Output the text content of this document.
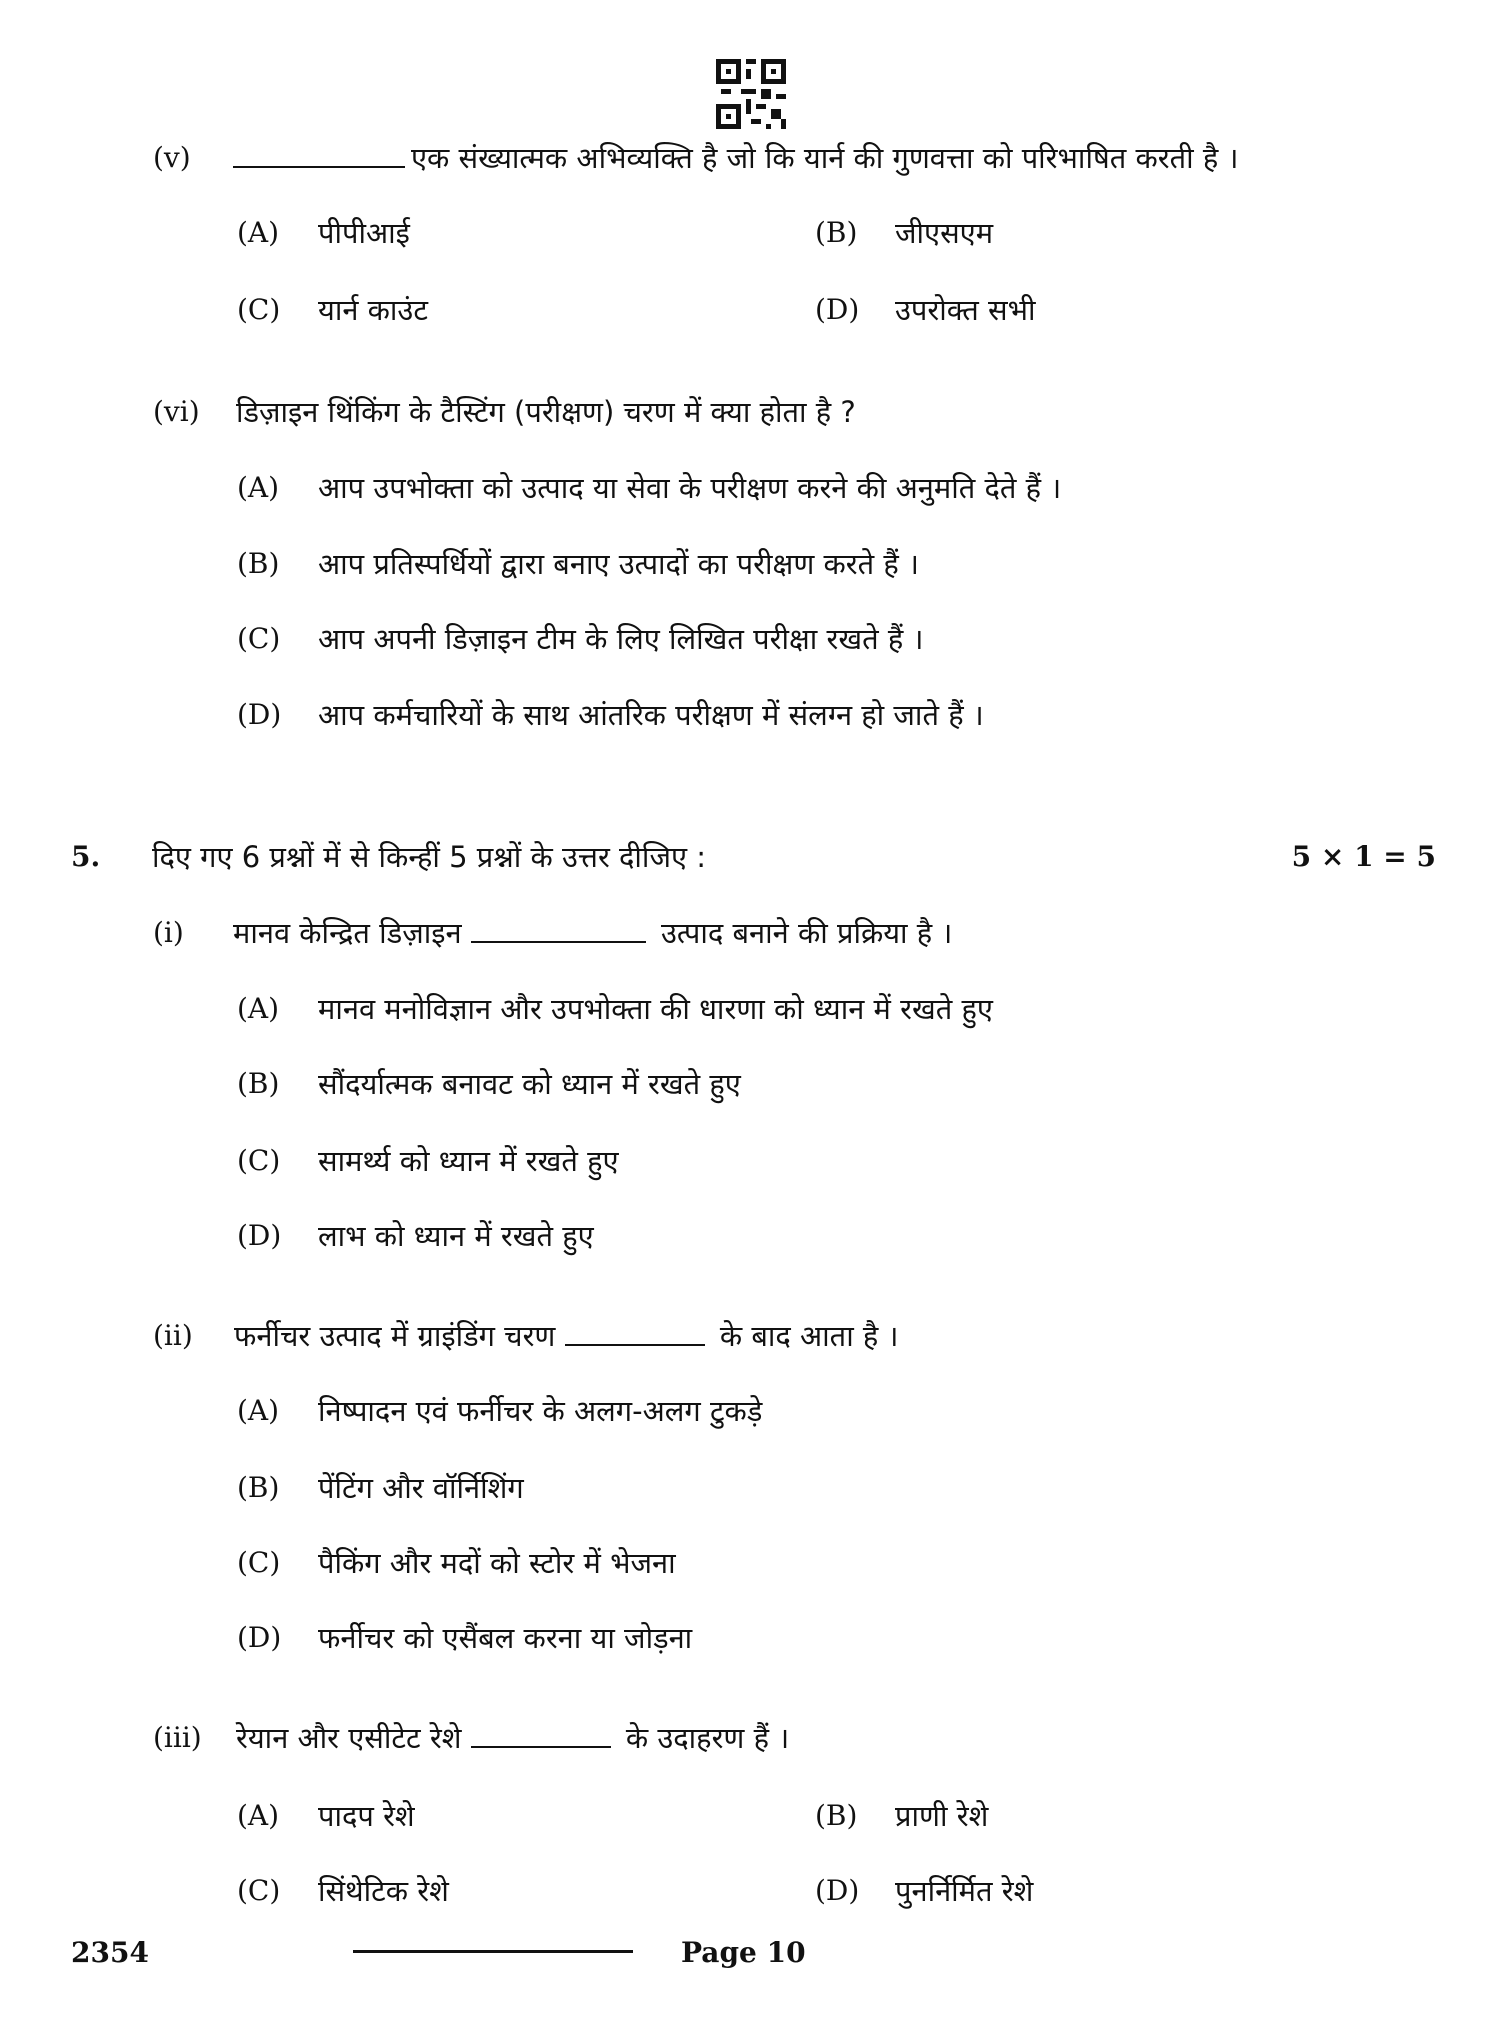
(v)	एक संख्यात्मक अभिव्यक्ति है जो कि यार्न की गुणवत्ता को परिभाषित करती है ।
(A) पीपीआई	(B) जीएसएम
(C) यार्न काउंट	(D) उपरोक्त सभी
(vi) डिज़ाइन थिंकिंग के टैस्टिंग (परीक्षण) चरण में क्या होता है ?
(A) आप उपभोक्ता को उत्पाद या सेवा के परीक्षण करने की अनुमति देते हैं ।
(B) आप प्रतिस्पर्धियों द्वारा बनाए उत्पादों का परीक्षण करते हैं ।
(C) आप अपनी डिज़ाइन टीम के लिए लिखित परीक्षा रखते हैं ।
(D) आप कर्मचारियों के साथ आंतरिक परीक्षण में संलग्न हो जाते हैं ।
5. दिए गए 6 प्रश्नों में से किन्हीं 5 प्रश्नों के उत्तर दीजिए :	5 × 1 = 5
(i) मानव केन्द्रित डिज़ाइन	उत्पाद बनाने की प्रक्रिया है ।
(A) मानव मनोविज्ञान और उपभोक्ता की धारणा को ध्यान में रखते हुए
(B) सौंदर्यात्मक बनावट को ध्यान में रखते हुए
(C) सामर्थ्य को ध्यान में रखते हुए
(D) लाभ को ध्यान में रखते हुए
(ii) फर्नीचर उत्पाद में ग्राइंडिंग चरण	के बाद आता है ।
(A) निष्पादन एवं फर्नीचर के अलग-अलग टुकड़े
(B) पेंटिंग और वॉर्निशिंग
(C) पैकिंग और मदों को स्टोर में भेजना
(D) फर्नीचर को एसैंबल करना या जोड़ना
(iii) रेयान और एसीटेट रेशे	के उदाहरण हैं ।
(A) पादप रेशे	(B) प्राणी रेशे
(C) सिंथेटिक रेशे	(D) पुनर्निर्मित रेशे
2354	Page 10
